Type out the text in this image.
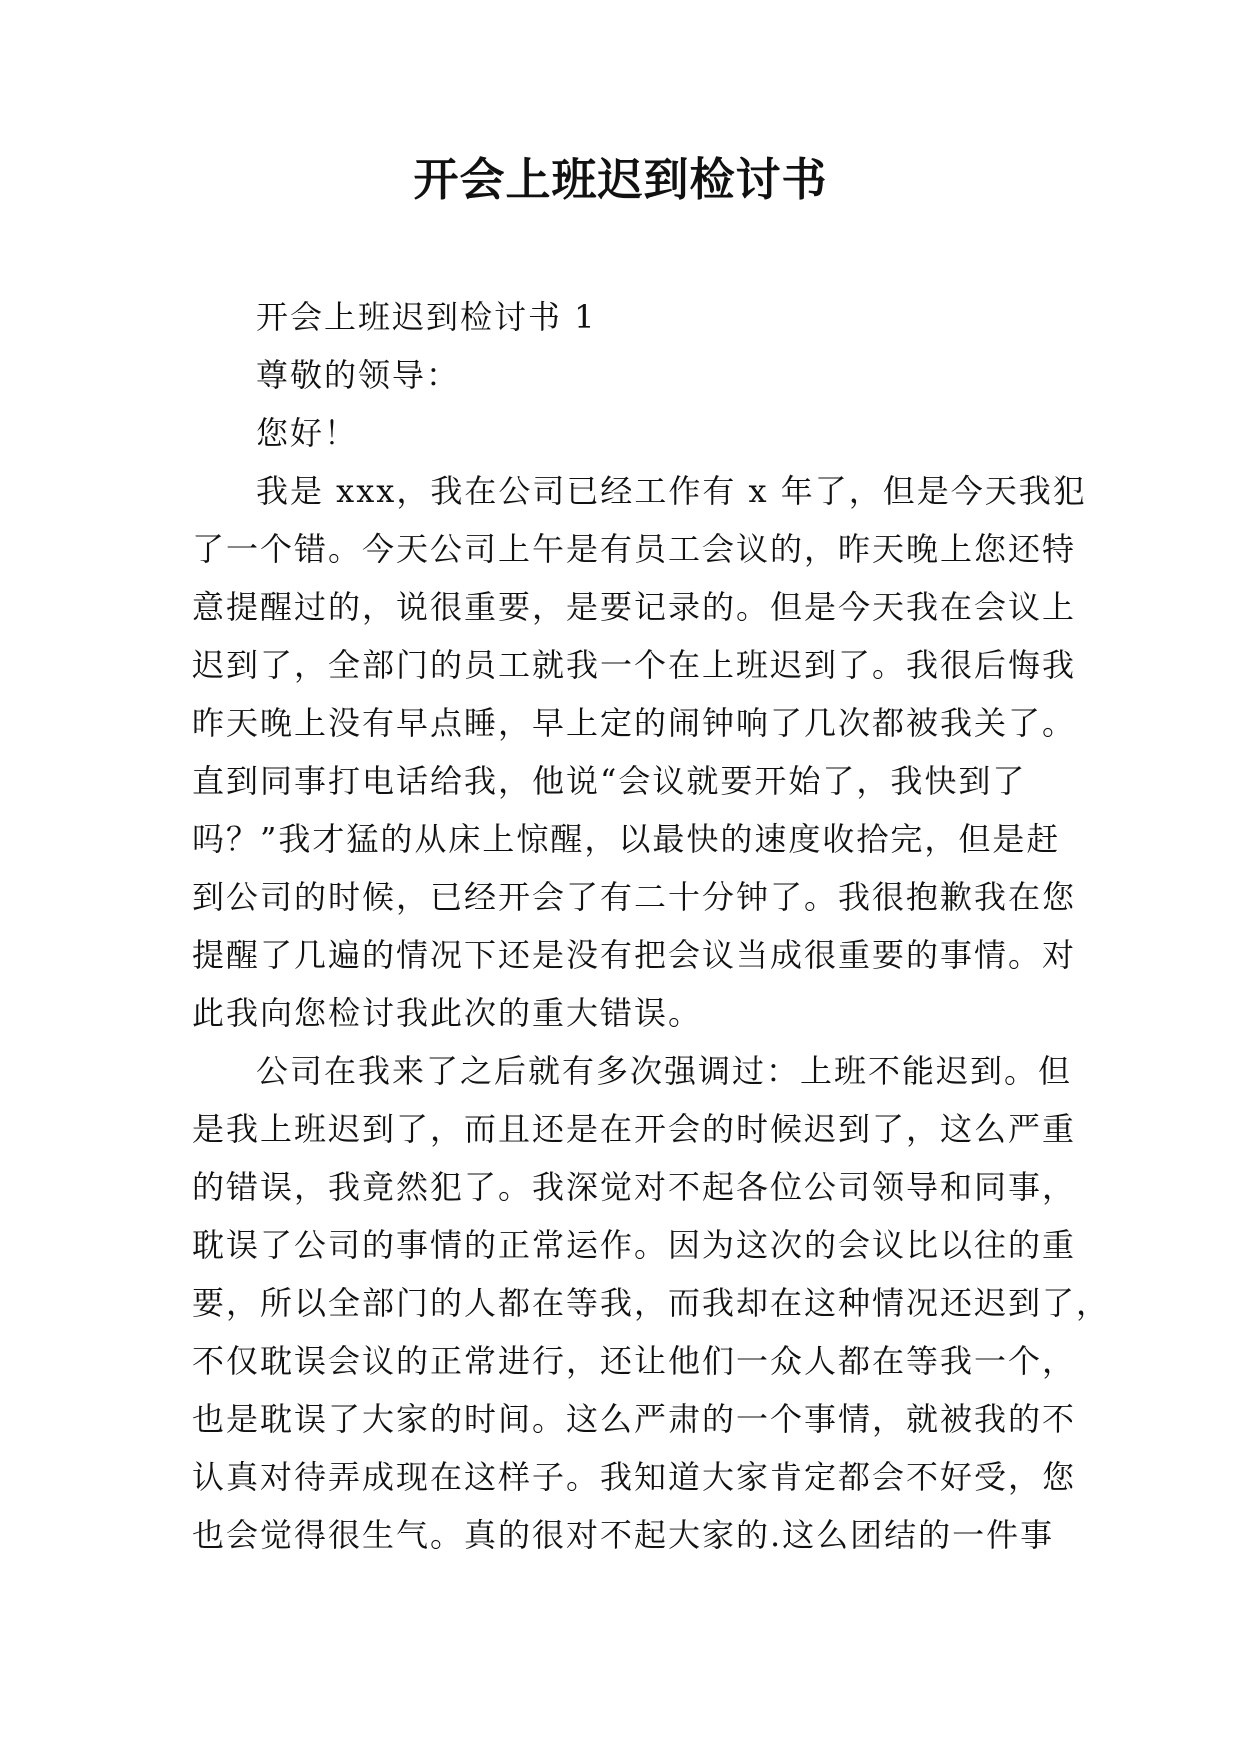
开会上班迟到检讨书
开会上班迟到检讨书 1
尊敬的领导：
您好！
我是 xxx，我在公司已经工作有 x 年了，但是今天我犯
了一个错。今天公司上午是有员工会议的，昨天晚上您还特
意提醒过的，说很重要，是要记录的。但是今天我在会议上
迟到了，全部门的员工就我一个在上班迟到了。我很后悔我
昨天晚上没有早点睡，早上定的闹钟响了几次都被我关了。
直到同事打电话给我，他说“会议就要开始了，我快到了
吗？”我才猛的从床上惊醒，以最快的速度收拾完，但是赶
到公司的时候，已经开会了有二十分钟了。我很抱歉我在您
提醒了几遍的情况下还是没有把会议当成很重要的事情。对
此我向您检讨我此次的重大错误。
公司在我来了之后就有多次强调过：上班不能迟到。但
是我上班迟到了，而且还是在开会的时候迟到了，这么严重
的错误，我竟然犯了。我深觉对不起各位公司领导和同事，
耽误了公司的事情的正常运作。因为这次的会议比以往的重
要，所以全部门的人都在等我，而我却在这种情况还迟到了，
不仅耽误会议的正常进行，还让他们一众人都在等我一个，
也是耽误了大家的时间。这么严肃的一个事情，就被我的不
认真对待弄成现在这样子。我知道大家肯定都会不好受，您
也会觉得很生气。真的很对不起大家的.这么团结的一件事
